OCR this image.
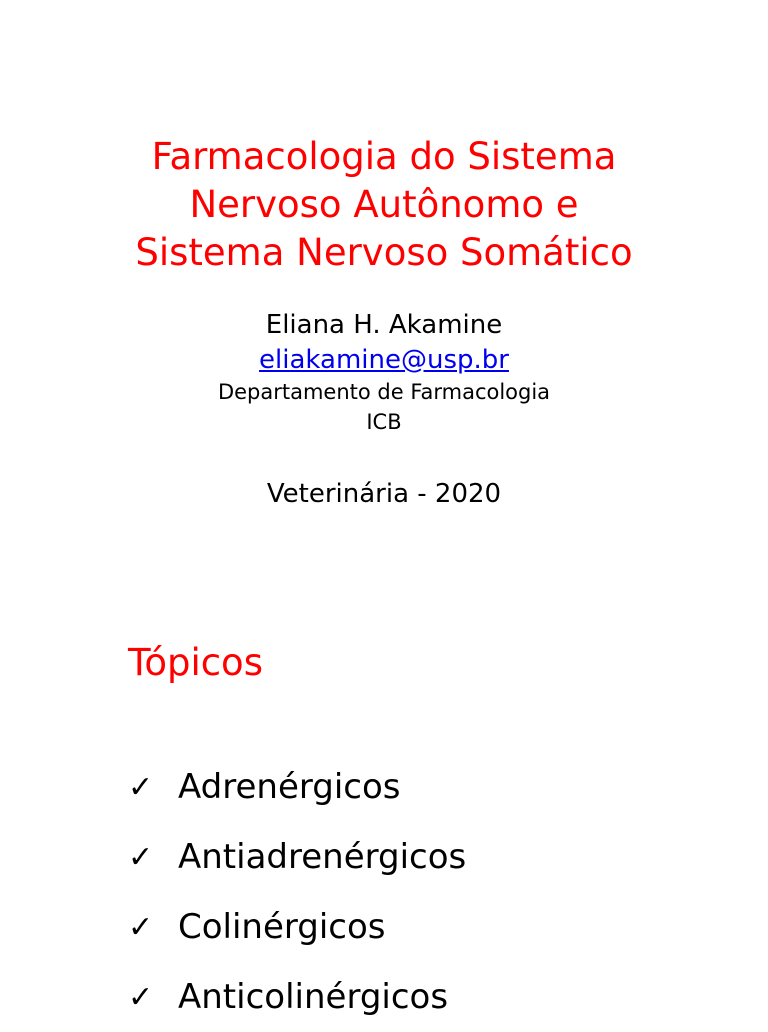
Farmacologia do Sistema
Nervoso Autônomo e
Sistema Nervoso Somático
Eliana H. Akamine
eliakamine@usp.br
Departamento de Farmacologia
ICB
Veterinária - 2020
Tópicos
✓ Adrenérgicos
✓ Antiadrenérgicos
✓ Colinérgicos
✓ Anticolinérgicos
